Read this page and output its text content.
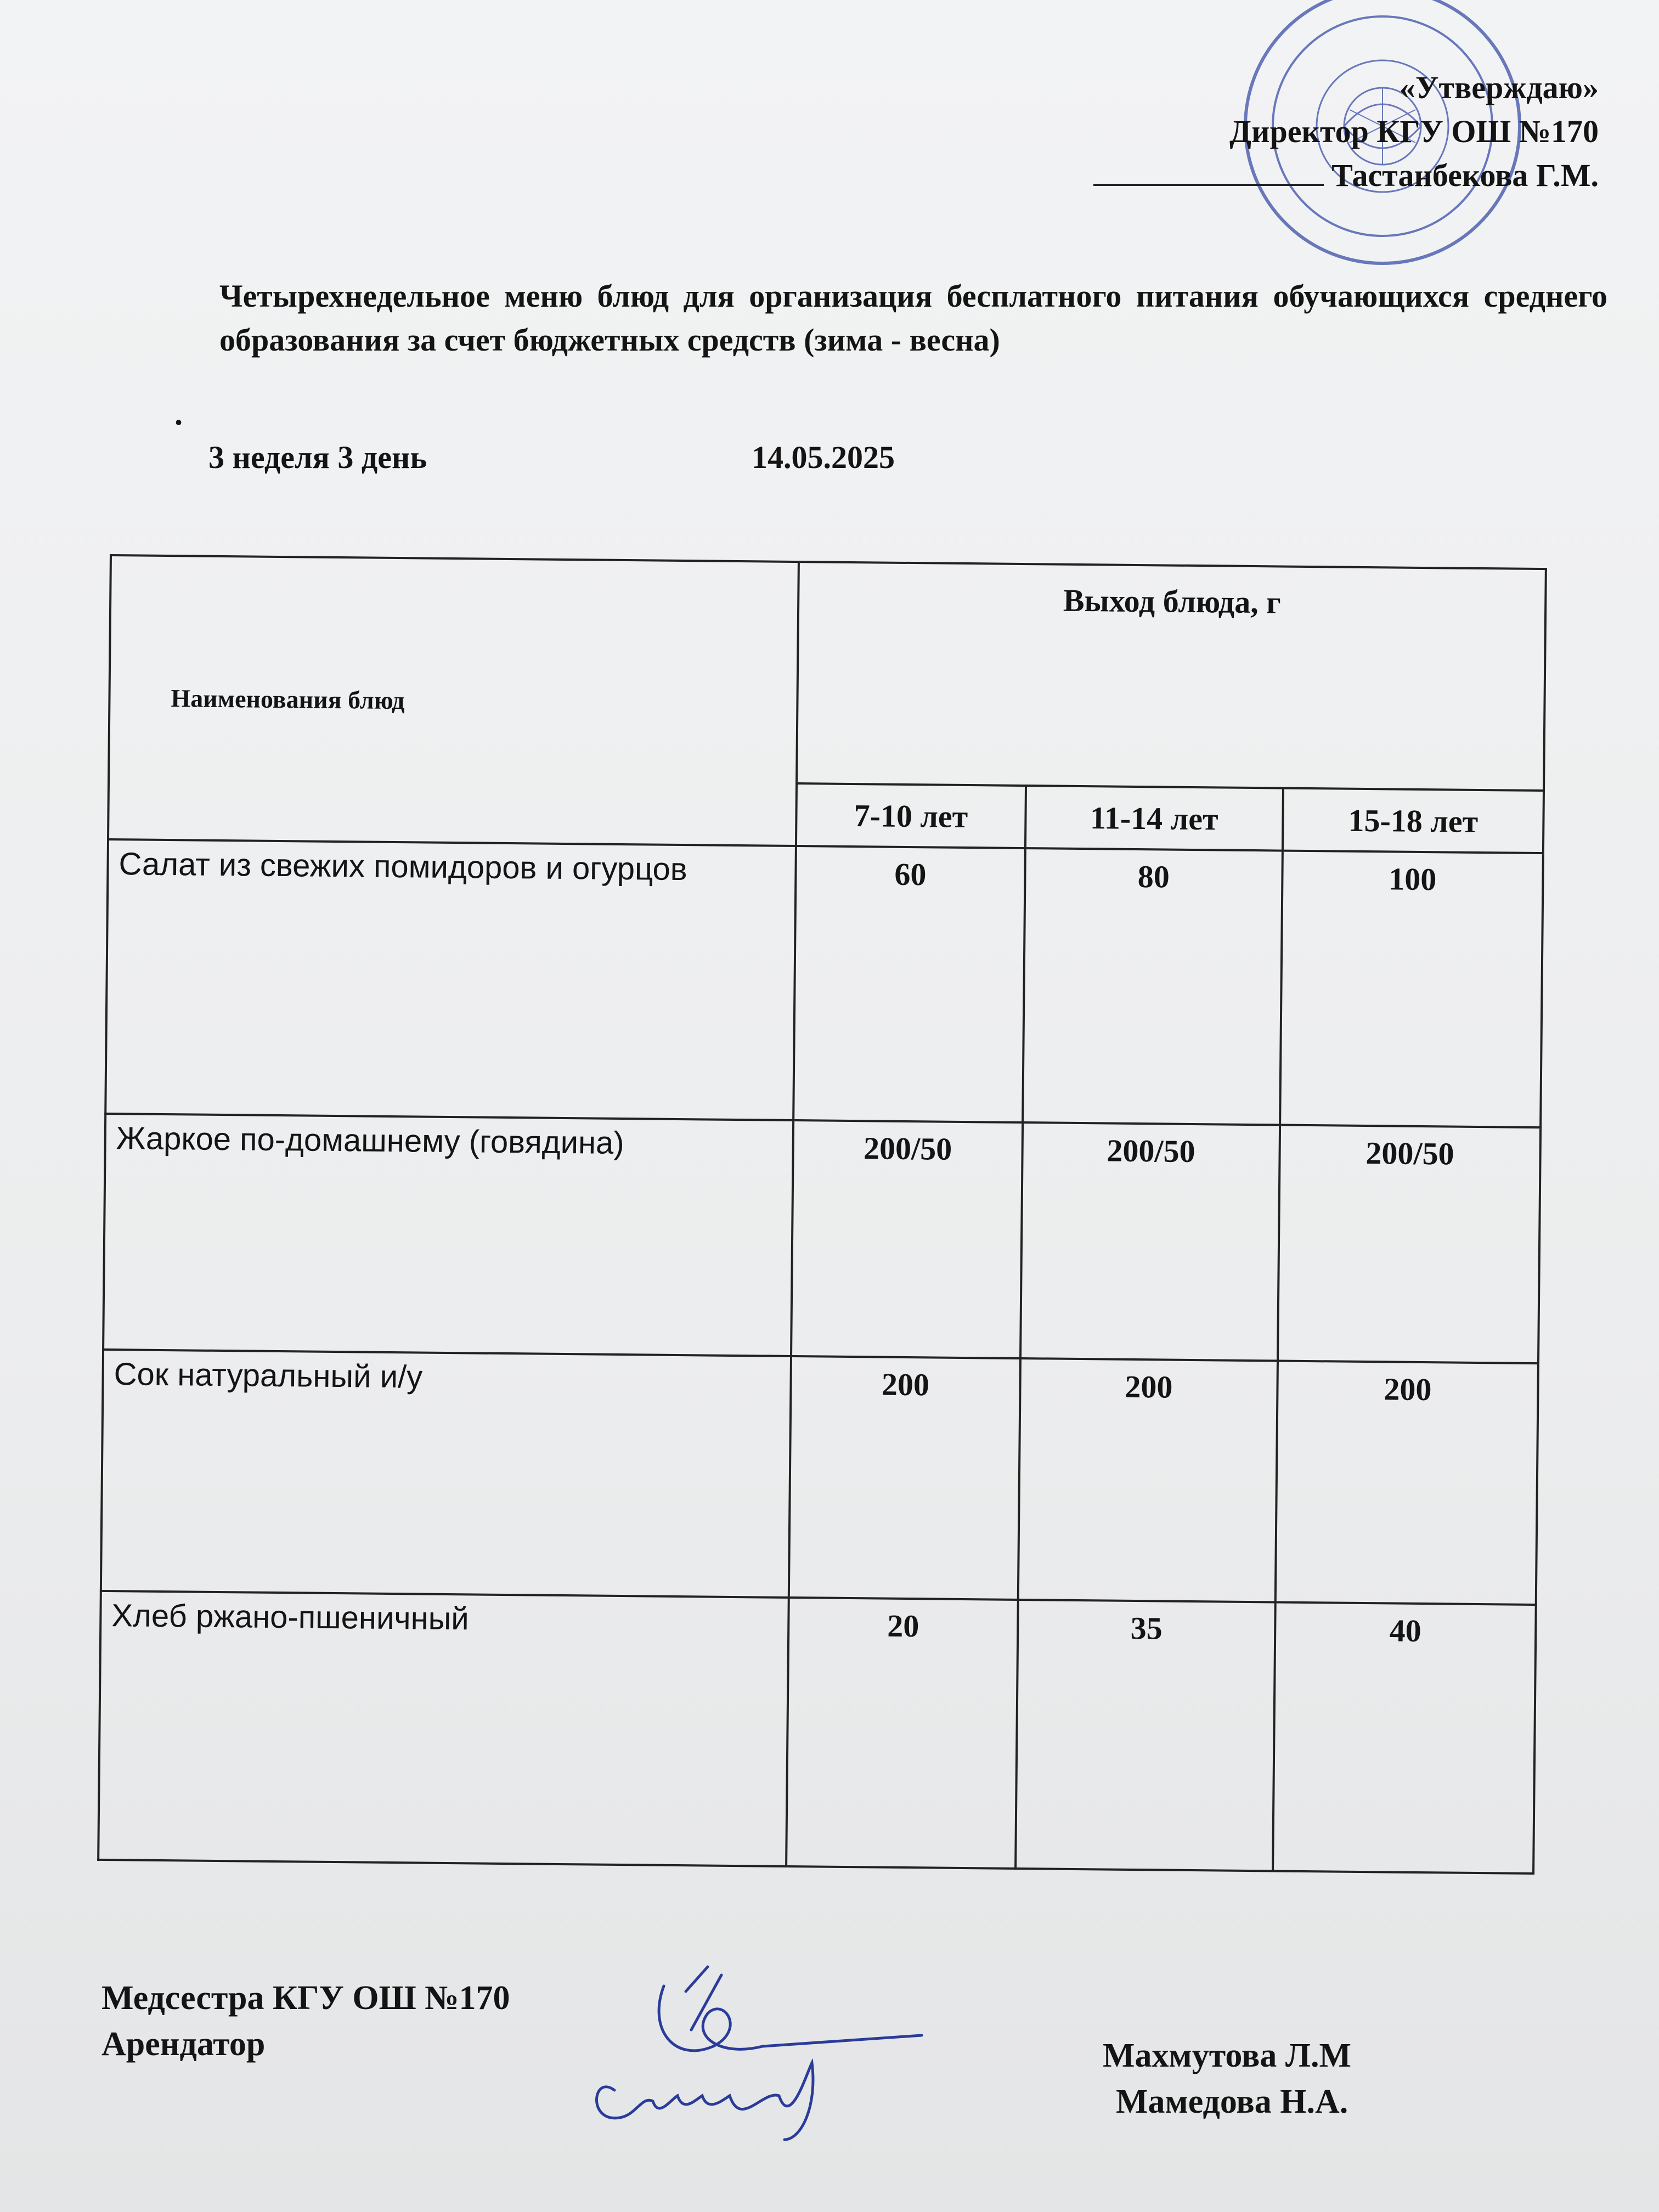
«Утверждаю»
Директор КГУ ОШ №170
Тастанбекова Г.М.
Четырехнедельное меню блюд для организация бесплатного питания обучающихся среднего образования за счет бюджетных средств (зима - весна)
.
3 неделя 3 день	14.05.2025
Наименования блюд	Выход блюда, г		
	7-10 лет	11-14 лет	15-18 лет
Салат из свежих помидоров и огурцов	60	80	100
Жаркое по-домашнему (говядина)	200/50	200/50	200/50
Сок натуральный и/у	200	200	200
Хлеб ржано-пшеничный	20	35	40
Медсестра КГУ ОШ №170
Арендатор	Махмутова Л.М
Мамедова Н.А.
